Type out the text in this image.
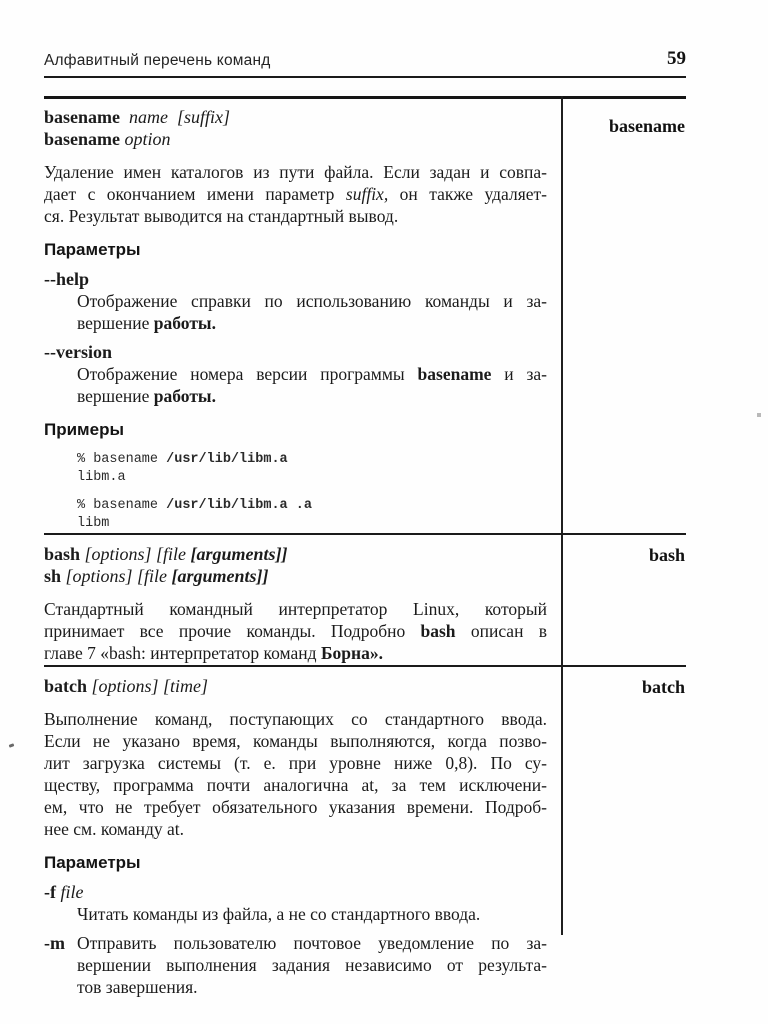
Алфавитный перечень команд	59
basename
basename name [suffix]
basename option
Удаление имен каталогов из пути файла. Если задан и совпа-
дает с окончанием имени параметр suffix, он также удаляет-
ся. Результат выводится на стандартный вывод.
Параметры
--help
Отображение справки по использованию команды и за-
вершение работы.
--version
Отображение номера версии программы basename и за-
вершение работы.
Примеры
% basename /usr/lib/libm.a
libm.a
% basename /usr/lib/libm.a .a
libm
bash
bash [options] [file [arguments]]
sh [options] [file [arguments]]
Стандартный командный интерпретатор Linux, который
принимает все прочие команды. Подробно bash описан в
главе 7 «bash: интерпретатор команд Борна».
batch
batch [options] [time]
Выполнение команд, поступающих со стандартного ввода.
Если не указано время, команды выполняются, когда позво-
лит загрузка системы (т. е. при уровне ниже 0,8). По су-
ществу, программа почти аналогична at, за тем исключени-
ем, что не требует обязательного указания времени. Подроб-
нее см. команду at.
Параметры
-f file
Читать команды из файла, а не со стандартного ввода.
-m Отправить пользователю почтовое уведомление по за-
вершении выполнения задания независимо от результа-
тов завершения.
